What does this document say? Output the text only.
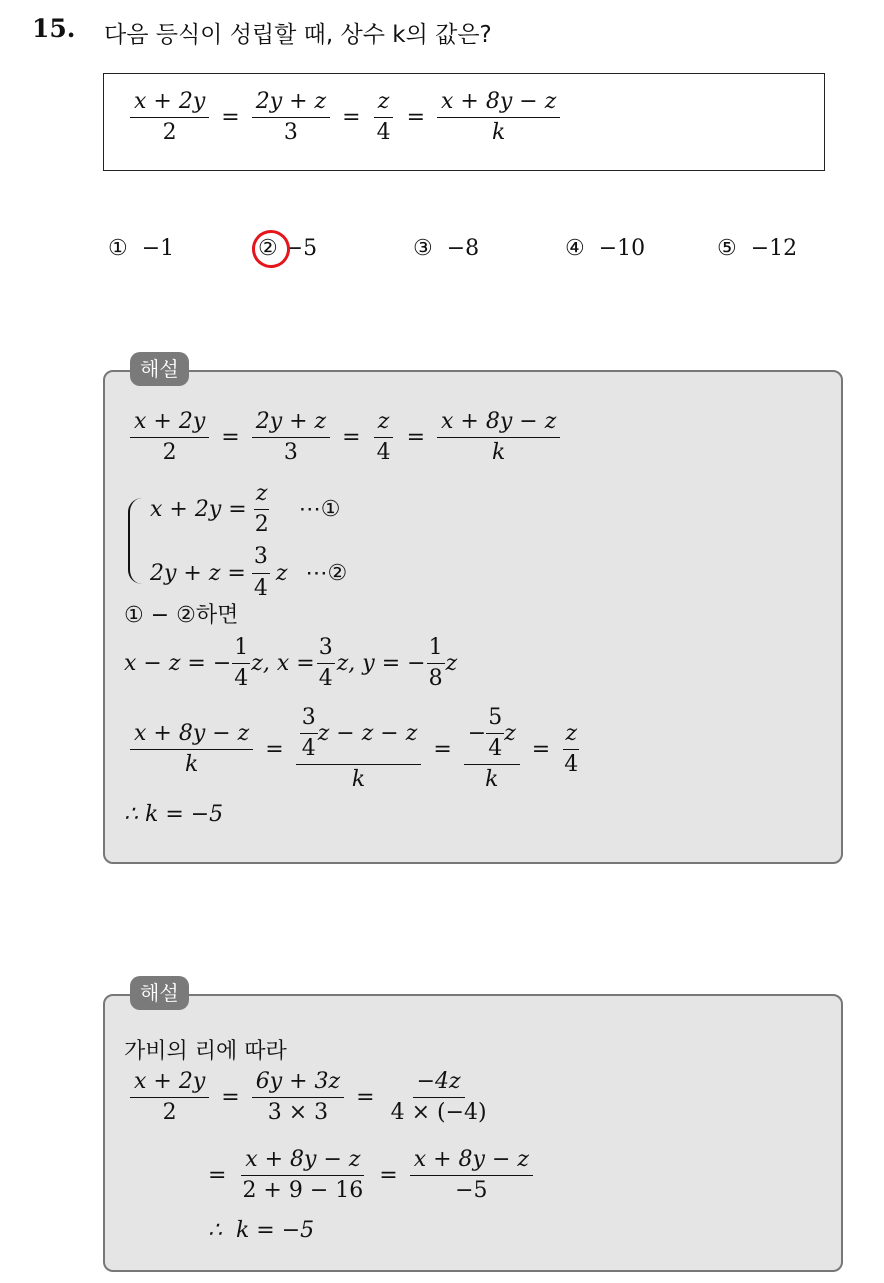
15. 다음 등식이 성립할 때, 상수 k의 값은?
$\frac{x + 2y}{2} = \frac{2y + z}{3} = \frac{z}{4} = \frac{x + 8y - z}{k}$
① −1	② −5	③ −8	④ −10	⑤ −12
해설
$\frac{x + 2y}{2} = \frac{2y + z}{3} = \frac{z}{4} = \frac{x + 8y - z}{k}$
$x + 2y = \frac{z}{2}$ ⋯①
$2y + z = \frac{3}{4}$ z ⋯②
① − ②하면
x − z = − $\frac{1}{4} z$, $x = \frac{3}{4} z$, y = − $\frac{1}{8}$ z
$\frac{x + 8y - z}{k} = \frac{\frac{3}{4} z - z - z}{k} = \frac{- \frac{5}{4} z}{k} = \frac{z}{4}$
∴ k = −5
해설
가비의 리에 따라
$\frac{x + 2y}{2} = \frac{6y + 3z}{3 \times 3} = \frac{-4z}{4 \times (-4)}$
= $\frac{x + 8y - z}{2 + 9 - 16} = \frac{x + 8y - z}{-5}$
∴  k = −5
